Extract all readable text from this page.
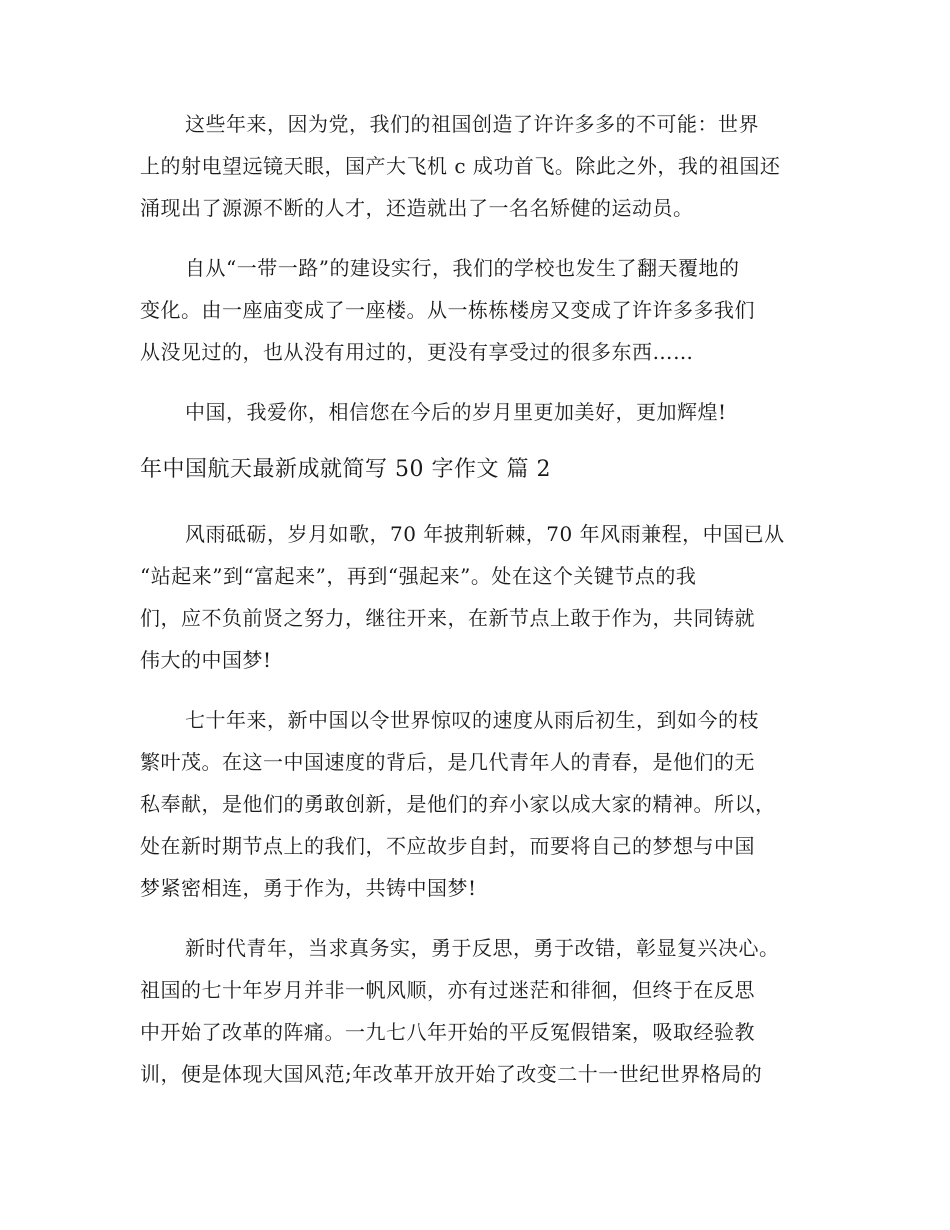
这些年来，因为党，我们的祖国创造了许许多多的不可能：世界
上的射电望远镜天眼，国产大飞机 c 成功首飞。除此之外，我的祖国还
涌现出了源源不断的人才，还造就出了一名名矫健的运动员。
自从“一带一路”的建设实行，我们的学校也发生了翻天覆地的
变化。由一座庙变成了一座楼。从一栋栋楼房又变成了许许多多我们
从没见过的，也从没有用过的，更没有享受过的很多东西……
中国，我爱你，相信您在今后的岁月里更加美好，更加辉煌!
年中国航天最新成就简写 50 字作文 篇 2
风雨砥砺，岁月如歌，70 年披荆斩棘，70 年风雨兼程，中国已从
“站起来”到“富起来”，再到“强起来”。处在这个关键节点的我
们，应不负前贤之努力，继往开来，在新节点上敢于作为，共同铸就
伟大的中国梦!
七十年来，新中国以令世界惊叹的速度从雨后初生，到如今的枝
繁叶茂。在这一中国速度的背后，是几代青年人的青春，是他们的无
私奉献，是他们的勇敢创新，是他们的弃小家以成大家的精神。所以，
处在新时期节点上的我们，不应故步自封，而要将自己的梦想与中国
梦紧密相连，勇于作为，共铸中国梦!
新时代青年，当求真务实，勇于反思，勇于改错，彰显复兴决心。
祖国的七十年岁月并非一帆风顺，亦有过迷茫和徘徊，但终于在反思
中开始了改革的阵痛。一九七八年开始的平反冤假错案，吸取经验教
训，便是体现大国风范;年改革开放开始了改变二十一世纪世界格局的
